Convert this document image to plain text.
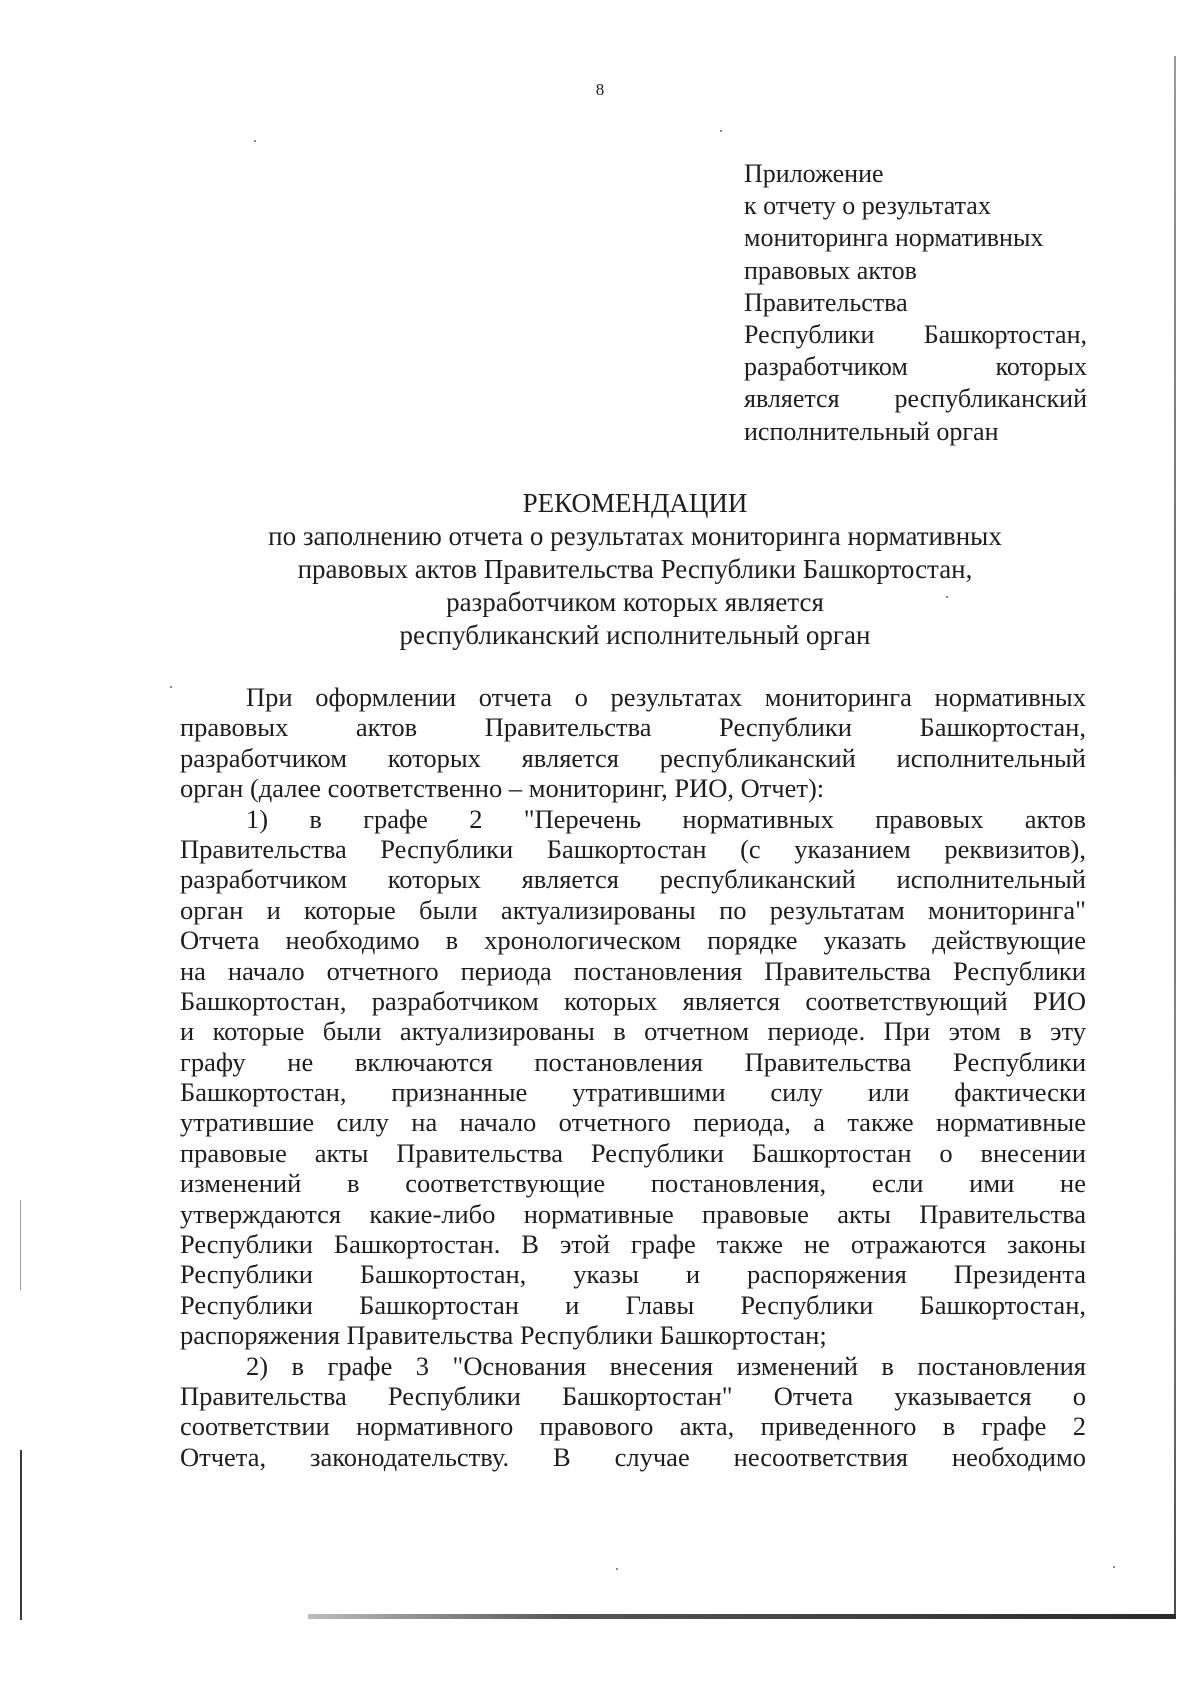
8
Приложение
к отчету о результатах
мониторинга нормативных
правовых актов
Правительства
Республики Башкортостан,
разработчиком которых
является республиканский
исполнительный орган
РЕКОМЕНДАЦИИ
по заполнению отчета о результатах мониторинга нормативных
правовых актов Правительства Республики Башкортостан,
разработчиком которых является
республиканский исполнительный орган
При оформлении отчета о результатах мониторинга нормативных
правовых актов Правительства Республики Башкортостан,
разработчиком которых является республиканский исполнительный
орган (далее соответственно – мониторинг, РИО, Отчет):
1) в графе 2 "Перечень нормативных правовых актов
Правительства Республики Башкортостан (с указанием реквизитов),
разработчиком которых является республиканский исполнительный
орган и которые были актуализированы по результатам мониторинга"
Отчета необходимо в хронологическом порядке указать действующие
на начало отчетного периода постановления Правительства Республики
Башкортостан, разработчиком которых является соответствующий РИО
и которые были актуализированы в отчетном периоде. При этом в эту
графу не включаются постановления Правительства Республики
Башкортостан, признанные утратившими силу или фактически
утратившие силу на начало отчетного периода, а также нормативные
правовые акты Правительства Республики Башкортостан о внесении
изменений в соответствующие постановления, если ими не
утверждаются какие-либо нормативные правовые акты Правительства
Республики Башкортостан. В этой графе также не отражаются законы
Республики Башкортостан, указы и распоряжения Президента
Республики Башкортостан и Главы Республики Башкортостан,
распоряжения Правительства Республики Башкортостан;
2) в графе 3 "Основания внесения изменений в постановления
Правительства Республики Башкортостан" Отчета указывается о
соответствии нормативного правового акта, приведенного в графе 2
Отчета, законодательству. В случае несоответствия необходимо
